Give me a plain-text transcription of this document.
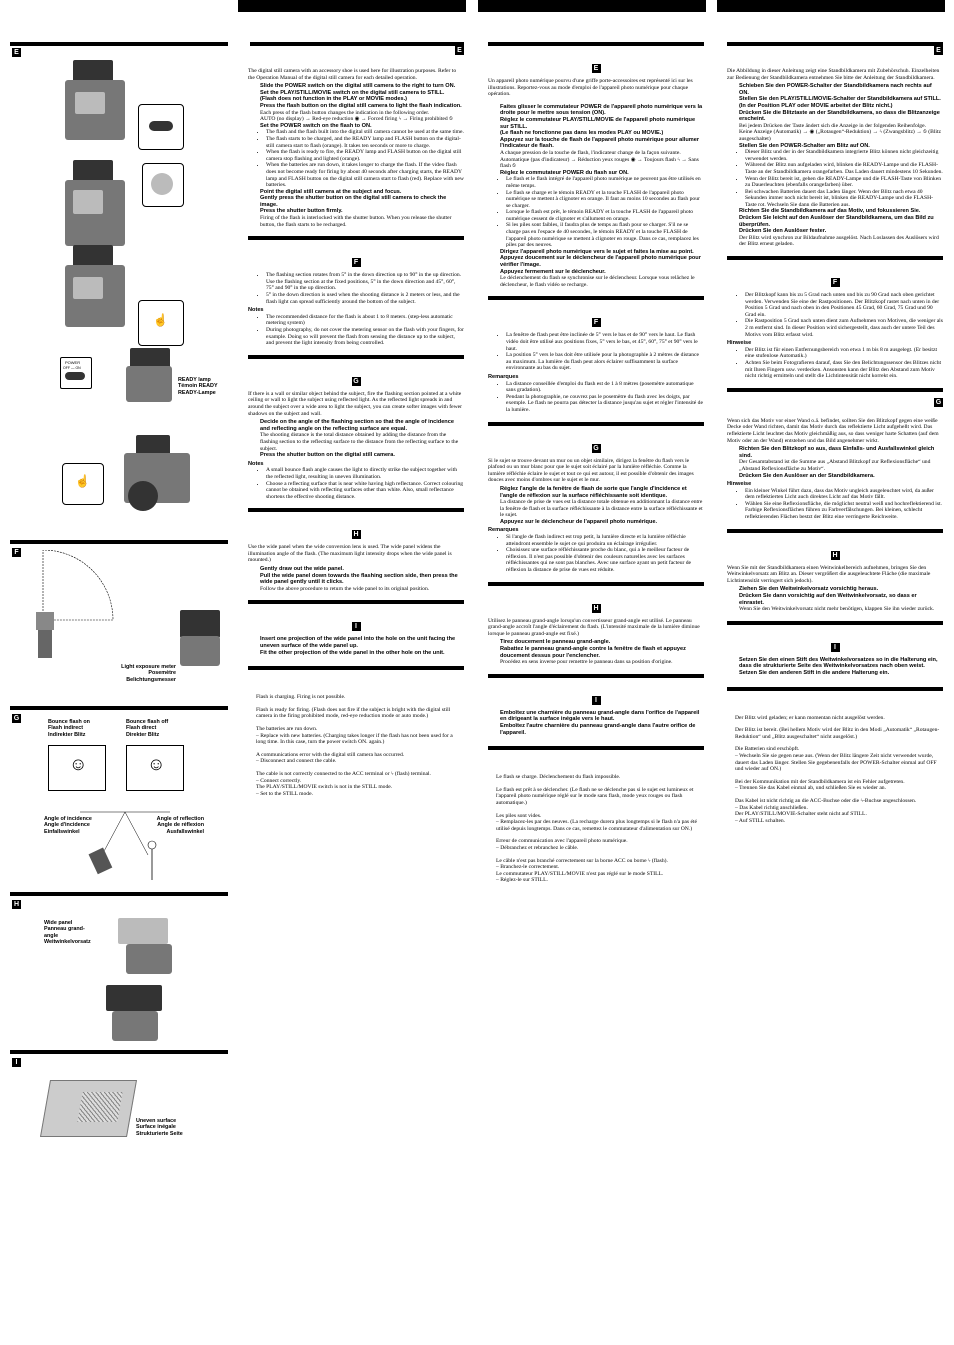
E
☝
POWER
OFF — ON
READY lamp
Témoin READY
READY-Lampe
☝
F
Light exposure meter
Posemètre
Belichtungsmesser
G	Bounce flash on
Flash indirect
Indirekter Blitz
Bounce flash off
Flash direct
Direkter Blitz
☺	☺
Angle of incidence
Angle d'incidence
Einfallswinkel
Angle of reflection
Angle de réflexion
Ausfallswinkel
H
Wide panel
Panneau grand-
angle
Weitwinkelvorsatz
I
Uneven surface
Surface inégale
Strukturierte Seite
E

The digital still camera with an accessory shoe is used here for illustration purposes. Refer to the Operation Manual of the digital still camera for each detailed operation.

Slide the POWER switch on the digital still camera to the right to turn ON.
Set the PLAY/STILL/MOVIE switch on the digital still camera to STILL.
(Flash does not function in the PLAY or MOVIE modes.)
Press the flash button on the digital still camera to light the flash indication.
Each press of the flash button changes the indication in the following order.
AUTO (no display) → Red-eye reduction ◉ → Forced firing ϟ → Firing prohibited ⦸
Set the POWER switch on the flash to ON.
• The flash and the flash built into the digital still camera cannot be used at the same time.
• The flash starts to be charged, and the READY lamp and FLASH button on the digital-still camera start to flash (orange). It takes ten seconds or more to charge.
• When the flash is ready to fire, the READY lamp and FLASH button on the digital still camera stop flashing and lighted (orange).
• When the batteries are run down, it takes longer to charge the flash. If the video flash does not become ready for firing by about 40 seconds after charging starts, the READY lamp and FLASH button on the digital still camera start to flash (red). Replace with new batteries.
Point the digital still camera at the subject and focus.
Gently press the shutter button on the digital still camera to check the image.
Press the shutter button firmly.
Firing of the flash is interlocked with the shutter button. When you release the shutter button, the flash starts to be recharged.
F
• The flashing section rotates from 5° in the down direction up to 90° in the up direction. Use the flashing section at the fixed positions, 5° in the down direction and 45°, 60°, 75° and 90° in the up direction.
• 5° in the down direction is used when the shooting distance is 2 meters or less, and the flash light can spread sufficiently around the bottom of the subject.
Notes
• The recommended distance for the flash is about 1 to 8 meters. (step-less automatic metering system)
• During photography, do not cover the metering sensor on the flash with your fingers, for example. Doing so will prevent the flash from sensing the distance up to the subject, and prevent the light intensity from being controlled.
G

If there is a wall or similar object behind the subject, fire the flashing section pointed at a white ceiling or wall to light the subject using reflected light. As the reflected light spreads in and around the subject over a wide area to light the subject, you can create softer images with fewer shadows on the subject and wall.

Decide on the angle of the flashing section so that the angle of incidence and reflecting angle on the reflecting surface are equal.
The shooting distance is the total distance obtained by adding the distance from the flashing section to the reflecting surface to the distance from the reflecting surface to the subject.
Press the shutter button on the digital still camera.
Notes
• A small bounce flash angle causes the light to directly strike the subject together with the reflected light, resulting in uneven illumination.
• Choose a reflecting surface that is near white having high reflectance. Correct colouring cannot be obtained with reflecting surfaces other than white. Also, small reflectance shortens the effective shooting distance.
H

Use the wide panel when the wide conversion lens is used. The wide panel widens the illumination angle of the flash. (The maximum light intensity drops when the wide panel is mounted.)

Gently draw out the wide panel.
Pull the wide panel down towards the flashing section side, then press the wide panel gently until it clicks.
Follow the above procedure to return the wide panel to its original position.
I
Insert one projection of the wide panel into the hole on the unit facing the uneven surface of the wide panel up.
Fit the other projection of the wide panel in the other hole on the unit.
Flash is charging. Firing is not possible.
Flash is ready for firing. (Flash does not fire if the subject is bright with the digital still camera in the firing prohibited mode, red-eye reduction mode or auto mode.)
The batteries are run down.
– Replace with new batteries. (Charging takes longer if the flash has not been used for a long time. In this case, turn the power switch ON. again.)
A communications error with the digital still camera has occurred.
– Disconnect and connect the cable.
The cable is not correctly connected to the ACC terminal or ϟ (flash) terminal.
– Connect correctly.
The PLAY/STILL/MOVIE switch is not in the STILL mode.
– Set to the STILL mode.
E

Un appareil photo numérique pourvu d'une griffe porte-accessoires est représenté ici sur les illustrations. Reportez-vous au mode d'emploi de l'appareil photo numérique pour chaque opération.

Faites glisser le commutateur POWER de l'appareil photo numérique vers la droite pour le mettre sous tension (ON).
Réglez le commutateur PLAY/STILL/MOVIE de l'appareil photo numérique sur STILL.
(Le flash ne fonctionne pas dans les modes PLAY ou MOVIE.)
Appuyez sur la touche de flash de l'appareil photo numérique pour allumer l'indicateur de flash.
A chaque pression de la touche de flash, l'indicateur change de la façon suivante.
Automatique (pas d'indicateur) → Réduction yeux rouges ◉ → Toujours flash ϟ → Sans flash ⦸
Réglez le commutateur POWER du flash sur ON.
• Le flash et le flash intégré de l'appareil photo numérique ne peuvent pas être utilisés en même temps.
• Le flash se charge et le témoin READY et la touche FLASH de l'appareil photo numérique se mettent à clignoter en orange. Il faut au moins 10 secondes au flash pour se charger.
• Lorsque le flash est prêt, le témoin READY et la touche FLASH de l'appareil photo numérique cessent de clignoter et s'allument en orange.
• Si les piles sont faibles, il faudra plus de temps au flash pour se charger. S'il ne se charge pas en l'espace de 40 secondes, le témoin READY et la touche FLASH de l'appareil photo numérique se mettent à clignoter en rouge. Dans ce cas, remplacez les piles par des neuves.
Dirigez l'appareil photo numérique vers le sujet et faites la mise au point.
Appuyez doucement sur le déclencheur de l'appareil photo numérique pour vérifier l'image.
Appuyez fermement sur le déclencheur.
Le déclenchement du flash se synchronise sur le déclencheur. Lorsque vous relâchez le déclencheur, le flash vidéo se recharge.
F
• La fenêtre de flash peut être inclinée de 5° vers le bas et de 90° vers le haut. Le flash vidéo doit être utilisé aux positions fixes, 5° vers le bas, et 45°, 60°, 75° et 90° vers le haut.
• La position 5° vers le bas doit être utilisée pour la photographie à 2 mètres de distance au maximum. La lumière du flash peut alors éclairer suffisamment la surface environnante au bas du sujet.
Remarques
• La distance conseillée d'emploi du flash est de 1 à 8 mètres (posemètre automatique sans gradation).
• Pendant la photographie, ne couvrez pas le posemètre du flash avec les doigts, par exemple. Le flash ne pourra pas détecter la distance jusqu'au sujet et régler l'intensité de la lumière.
G

Si le sujet se trouve devant un mur ou un objet similaire, dirigez la fenêtre du flash vers le plafond ou un mur blanc pour que le sujet soit éclairé par la lumière réfléchie. Comme la lumière réfléchie éclaire le sujet et tout ce qui est autour, il est possible d'obtenir des images douces avec moins d'ombres sur le sujet et le mur.

Réglez l'angle de la fenêtre de flash de sorte que l'angle d'incidence et l'angle de réflexion sur la surface réfléchissante soit identique.
La distance de prise de vues est la distance totale obtenue en additionnant la distance entre la fenêtre de flash et la surface réfléchissante à la distance entre la surface réfléchissante et le sujet.
Appuyez sur le déclencheur de l'appareil photo numérique.
Remarques
• Si l'angle de flash indirect est trop petit, la lumière directe et la lumière réfléchie atteindront ensemble le sujet ce qui produira un éclairage irrégulier.
• Choisissez une surface réfléchissante proche du blanc, qui a le meilleur facteur de réflexion. Il n'est pas possible d'obtenir des couleurs naturelles avec les surfaces réfléchissantes qui ne sont pas blanches. Avec une surface ayant un petit facteur de réflexion la distance de prise de vues est réduite.
H

Utilisez le panneau grand-angle lorsqu'un convertisseur grand-angle est utilisé. Le panneau grand-angle accroît l'angle d'éclairement du flash. (L'intensité maximale de la lumière diminue lorsque le panneau grand-angle est fixé.)

Tirez doucement le panneau grand-angle.
Rabattez le panneau grand-angle contre la fenêtre de flash et appuyez doucement dessus pour l'enclencher.
Procédez en sens inverse pour remettre le panneau dans sa position d'origine.
I
Emboîtez une charnière du panneau grand-angle dans l'orifice de l'appareil en dirigeant la surface inégale vers le haut.
Emboîtez l'autre charnière du panneau grand-angle dans l'autre orifice de l'appareil.
Le flash se charge. Déclenchement du flash impossible.
Le flash est prêt à se déclencher. (Le flash ne se déclenche pas si le sujet est lumineux et l'appareil photo numérique réglé sur le mode sans flash, mode yeux rouges ou flash automatique.)
Les piles sont vides.
– Remplacez-les par des neuves. (La recharge durera plus longtemps si le flash n'a pas été utilisé depuis longtemps. Dans ce cas, remettez le commutateur d'alimentation sur ON.)
Erreur de communication avec l'appareil photo numérique.
– Débranchez et rebranchez le câble.
Le câble n'est pas branché correctement sur la borne ACC ou borne ϟ (flash).
– Branchez-le correctement.
Le commutateur PLAY/STILL/MOVIE n'est pas réglé sur le mode STILL.
– Réglez-le sur STILL.
E

Die Abbildung in dieser Anleitung zeigt eine Standbildkamera mit Zubehörschuh. Einzelheiten zur Bedienung der Standbildkamera entnehmen Sie bitte der Anleitung der Standbildkamera.

Schieben Sie den POWER-Schalter der Standbildkamera nach rechts auf ON.
Stellen Sie den PLAY/STILL/MOVIE-Schalter der Standbildkamera auf STILL.
(In der Position PLAY oder MOVIE arbeitet der Blitz nicht.)
Drücken Sie die Blitztaste an der Standbildkamera, so dass die Blitzanzeige erscheint.
Bei jedem Drücken der Taste ändert sich die Anzeige in der folgenden Reihenfolge.
Keine Anzeige (Automatik) → ◉ („Rotaugen“-Reduktion) → ϟ (Zwangsblitz) → ⦸ (Blitz ausgeschaltet)
Stellen Sie den POWER-Schalter am Blitz auf ON.
• Dieser Blitz und der in der Standbildkamera integrierte Blitz können nicht gleichzeitig verwendet werden.
• Während der Blitz nun aufgeladen wird, blinken die READY-Lampe und die FLASH-Taste an der Standbildkamera orangefarben. Das Laden dauert mindestens 10 Sekunden.
• Wenn der Blitz bereit ist, gehen die READY-Lampe und die FLASH-Taste von Blinken zu Dauerleuchten (ebenfalls orangefarben) über.
• Bei schwachen Batterien dauert das Laden länger. Wenn der Blitz nach etwa 40 Sekunden immer noch nicht bereit ist, blinken die READY-Lampe und die FLASH-Taste rot. Wechseln Sie dann die Batterien aus.
Richten Sie die Standbildkamera auf das Motiv, und fokussieren Sie.
Drücken Sie leicht auf den Auslöser der Standbildkamera, um das Bild zu überprüfen.
Drücken Sie den Auslöser fester.
Der Blitz wird synchron zur Bildaufnahme ausgelöst. Nach Loslassen des Auslösers wird der Blitz erneut geladen.
F
• Der Blitzkopf kann bis zu 5 Grad nach unten und bis zu 90 Grad nach oben gerichtet werden. Verwenden Sie eine der Rastpositionen. Der Blitzkopf rastet nach unten in der Position 5 Grad und nach oben in den Positionen 45 Grad, 60 Grad, 75 Grad und 90 Grad ein.
• Die Rastposition 5 Grad nach unten dient zum Aufnehmen von Motiven, die weniger als 2 m entfernt sind. In dieser Position wird sichergestellt, dass auch der untere Teil des Motivs vom Blitz erfasst wird.
Hinweise
• Der Blitz ist für einen Entfernungsbereich von etwa 1 m bis 8 m ausgelegt. (Er besitzt eine stufenlose Automatik.)
• Achten Sie beim Fotografieren darauf, dass Sie den Belichtungssensor des Blitzes nicht mit Ihren Fingern usw. verdecken. Ansonsten kann der Blitz den Abstand zum Motiv nicht richtig ermitteln und stellt die Lichtintensität nicht korrekt ein.
G

Wenn sich das Motiv vor einer Wand o.ä. befindet, sollten Sie den Blitzkopf gegen eine weiße Decke oder Wand richten, damit das Motiv durch das reflektierte Licht aufgehellt wird. Das reflektierte Licht leuchtet das Motiv gleichmäßig aus, so dass weniger harte Schatten (auf dem Motiv oder an der Wand) entstehen und das Bild angenehmer wirkt.

Richten Sie den Blitzkopf so aus, dass Einfalls- und Ausfallswinkel gleich sind.
Der Gesamtabstand ist die Summe aus „Abstand Blitzkopf zur Reflexionsfläche“ und „Abstand Reflexionsfläche zu Motiv“.
Drücken Sie den Auslöser an der Standbildkamera.
Hinweise
• Ein kleiner Winkel führt dazu, dass das Motiv ungleich ausgeleuchtet wird, da außer dem reflektierten Licht auch direktes Licht auf das Motiv fällt.
• Wählen Sie eine Reflexionsfläche, die möglichst neutral weiß und hochreflektierend ist. Farbige Reflexionsflächen führen zu Farbverfälschungen. Bei kleinen, schlecht reflektierenden Flächen bestzt der Blitz eine verringerte Reichweite.
H

Wenn Sie mit der Standbildkamera einen Weitwinkelbereich aufnehmen, bringen Sie den Weitwinkelvorsatz am Blitz an. Dieser vergrößert die ausgeleuchtete Fläche (die maximale Lichtintensität verringert sich jedoch).

Ziehen Sie den Weitwinkelvorsatz vorsichtig heraus.
Drücken Sie dann vorsichtig auf den Weitwinkelvorsatz, so dass er einrastet.
Wenn Sie den Weitwinkelvorsatz nicht mehr benötigen, klappen Sie ihn wieder zurück.
I
Setzen Sie den einen Stift des Weitwinkelvorsatzes so in die Halterung ein, dass die strukturierte Seite des Weitwinkelvorsatzes nach oben weist.
Setzen Sie den anderen Stift in die andere Halterung ein.
Der Blitz wird geladen; er kann momentan nicht ausgelöst werden.
Der Blitz ist bereit. (Bei hellem Motiv wird der Blitz in den Modi „Automatik“ „Rotaugen-Reduktion“ und „Blitz ausgeschaltet“ nicht ausgelöst.)
Die Batterien sind erschöpft.
– Wechseln Sie sie gegen neue aus. (Wenn der Blitz längere Zeit nicht verwendet wurde, dauert das Laden länger. Stellen Sie gegebenenfalls der POWER-Schalter einmal auf OFF und wieder auf ON.)
Bei der Kommunikation mit der Standbildkamera ist ein Fehler aufgetreten.
– Trennen Sie das Kabel einmal ab, und schließen Sie es wieder an.
Das Kabel ist nicht richtig an die ACC-Buchse oder die ϟ-Buchse angeschlossen.
– Das Kabel richtig anschließen.
Der PLAY/STILL/MOVIE-Schalter steht nicht auf STILL.
– Auf STILL schalten.
